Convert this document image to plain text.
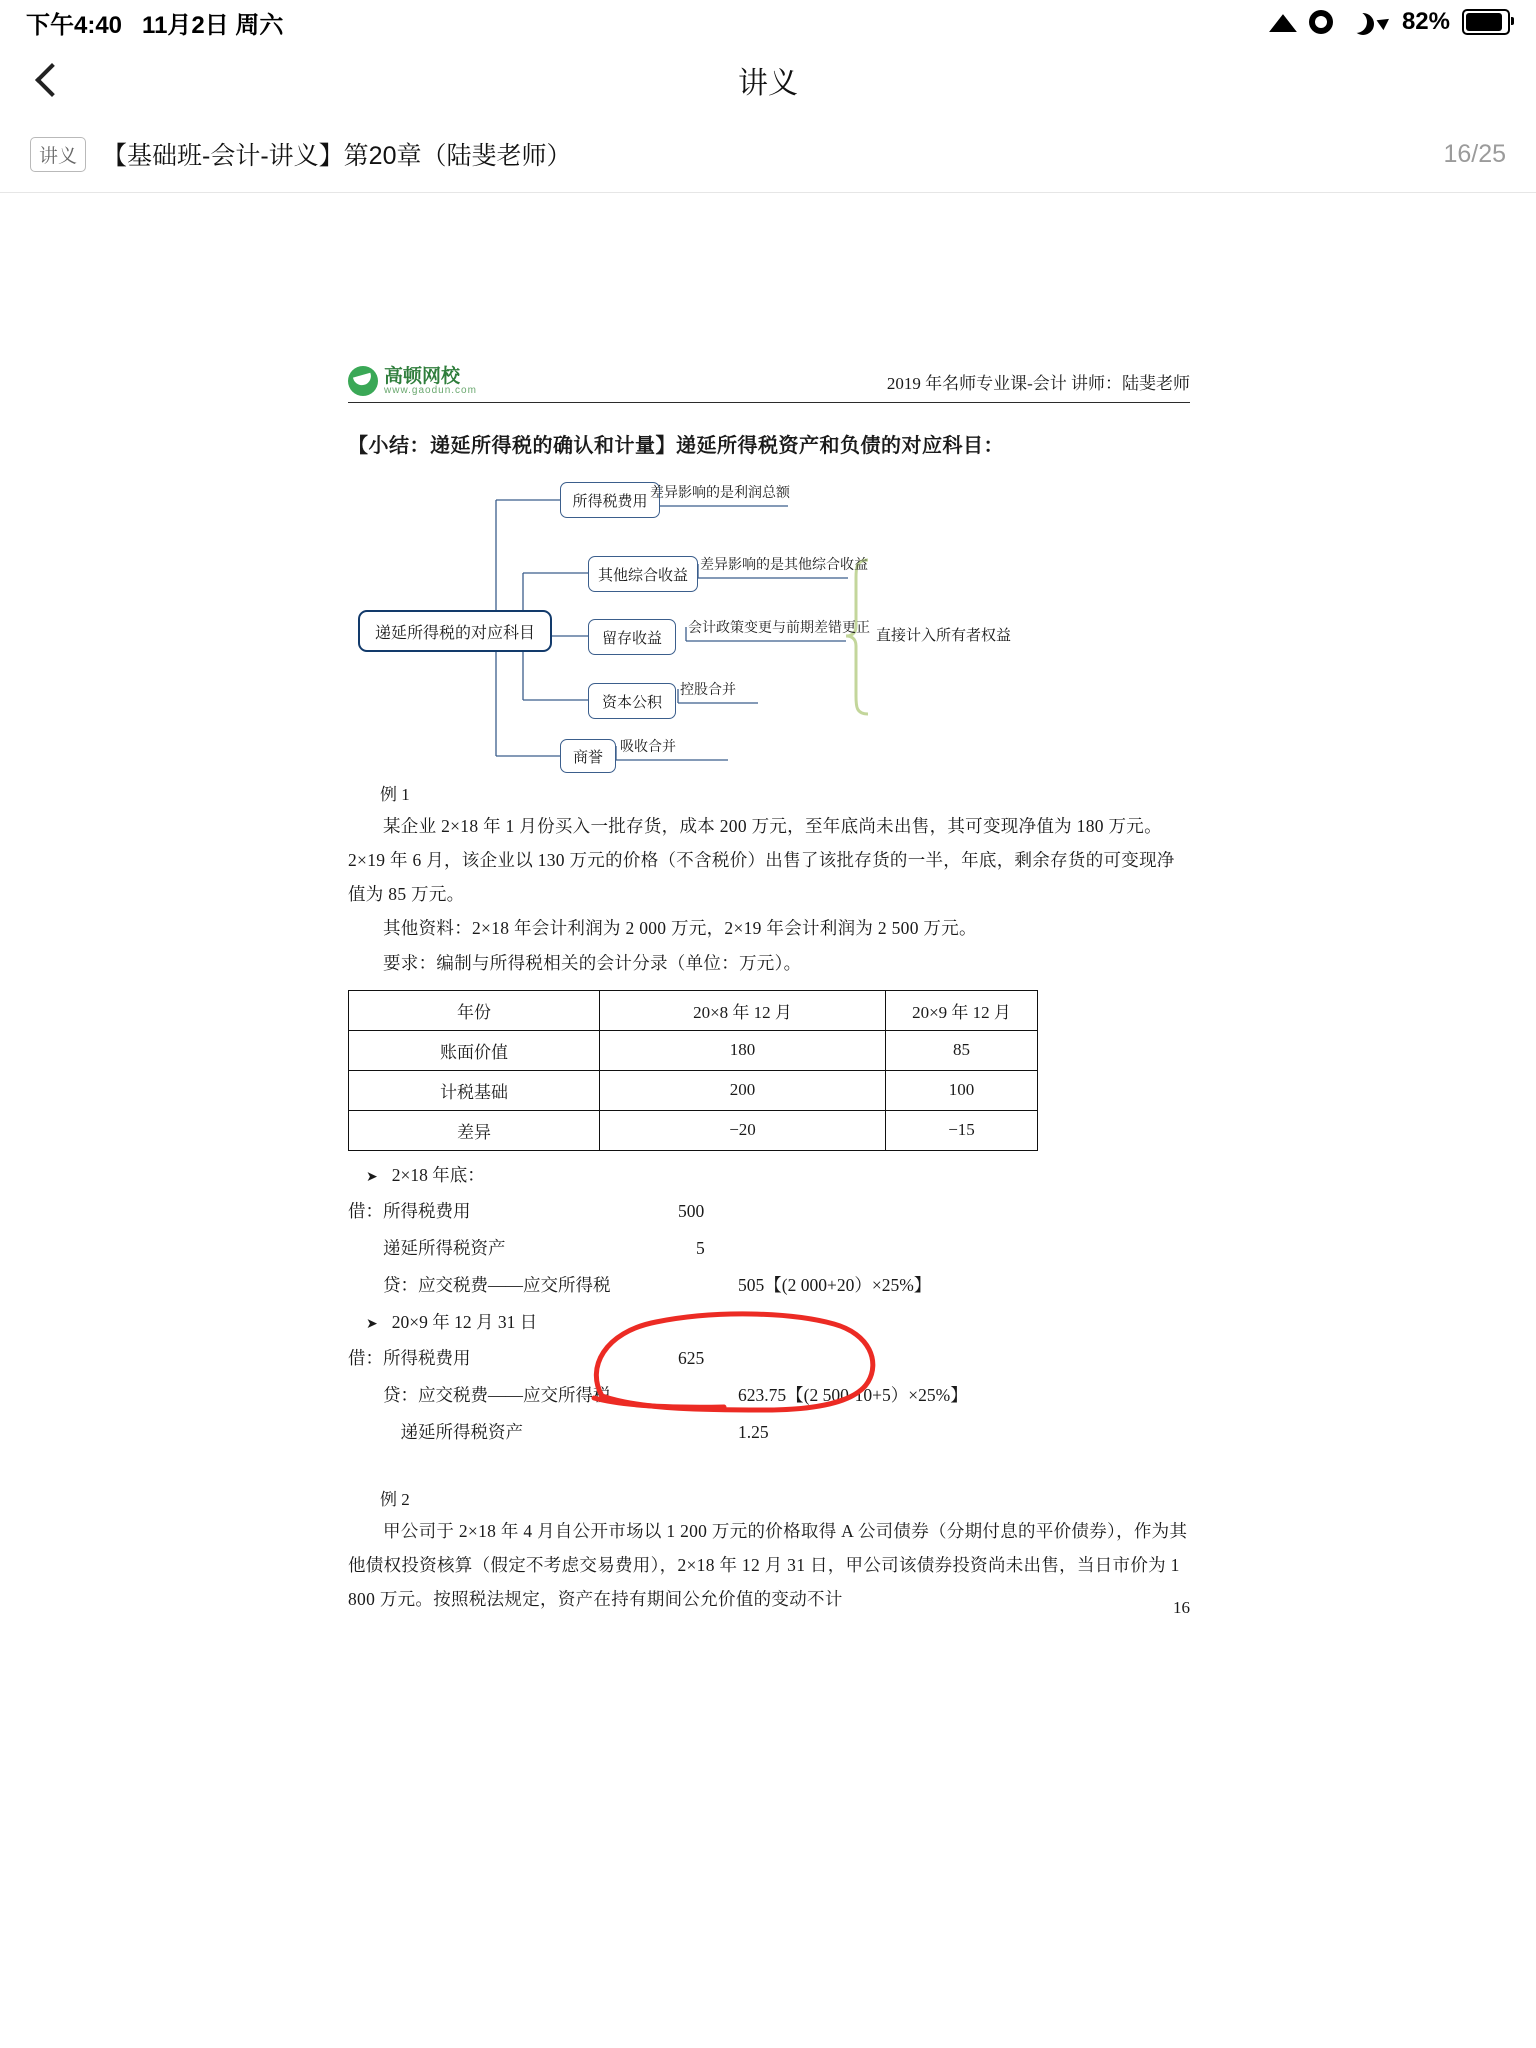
下午4:40 11月2日 周六	82%
讲义
讲义	【基础班-会计-讲义】第20章（陆斐老师）	16/25
高顿网校
www.gaodun.com	2019 年名师专业课-会计 讲师：陆斐老师
【小结：递延所得税的确认和计量】递延所得税资产和负债的对应科目：
递延所得税的对应科目
所得税费用
差异影响的是利润总额
其他综合收益
差异影响的是其他综合收益
留存收益
会计政策变更与前期差错更正
资本公积
控股合并
商誉
吸收合并
直接计入所有者权益
例 1

某企业 2×18 年 1 月份买入一批存货，成本 200 万元，至年底尚未出售，其可变现净值为 180 万元。2×19 年 6 月，该企业以 130 万元的价格（不含税价）出售了该批存货的一半，年底，剩余存货的可变现净值为 85 万元。

其他资料：2×18 年会计利润为 2 000 万元，2×19 年会计利润为 2 500 万元。

要求：编制与所得税相关的会计分录（单位：万元）。

年份	20×8 年 12 月	20×9 年 12 月
账面价值	180	85
计税基础	200	100
差异	−20	−15
➤ 2×18 年底：
借：所得税费用	500
　　递延所得税资产	5
　　贷：应交税费——应交所得税	505【(2 000+20）×25%】
➤ 20×9 年 12 月 31 日
借：所得税费用	625
　　贷：应交税费——应交所得税	623.75【(2 500-10+5）×25%】
　　　递延所得税资产	1.25
例 2

甲公司于 2×18 年 4 月自公开市场以 1 200 万元的价格取得 A 公司债券（分期付息的平价债券），作为其他债权投资核算（假定不考虑交易费用），2×18 年 12 月 31 日，甲公司该债券投资尚未出售，当日市价为 1 800 万元。按照税法规定，资产在持有期间公允价值的变动不计	16
